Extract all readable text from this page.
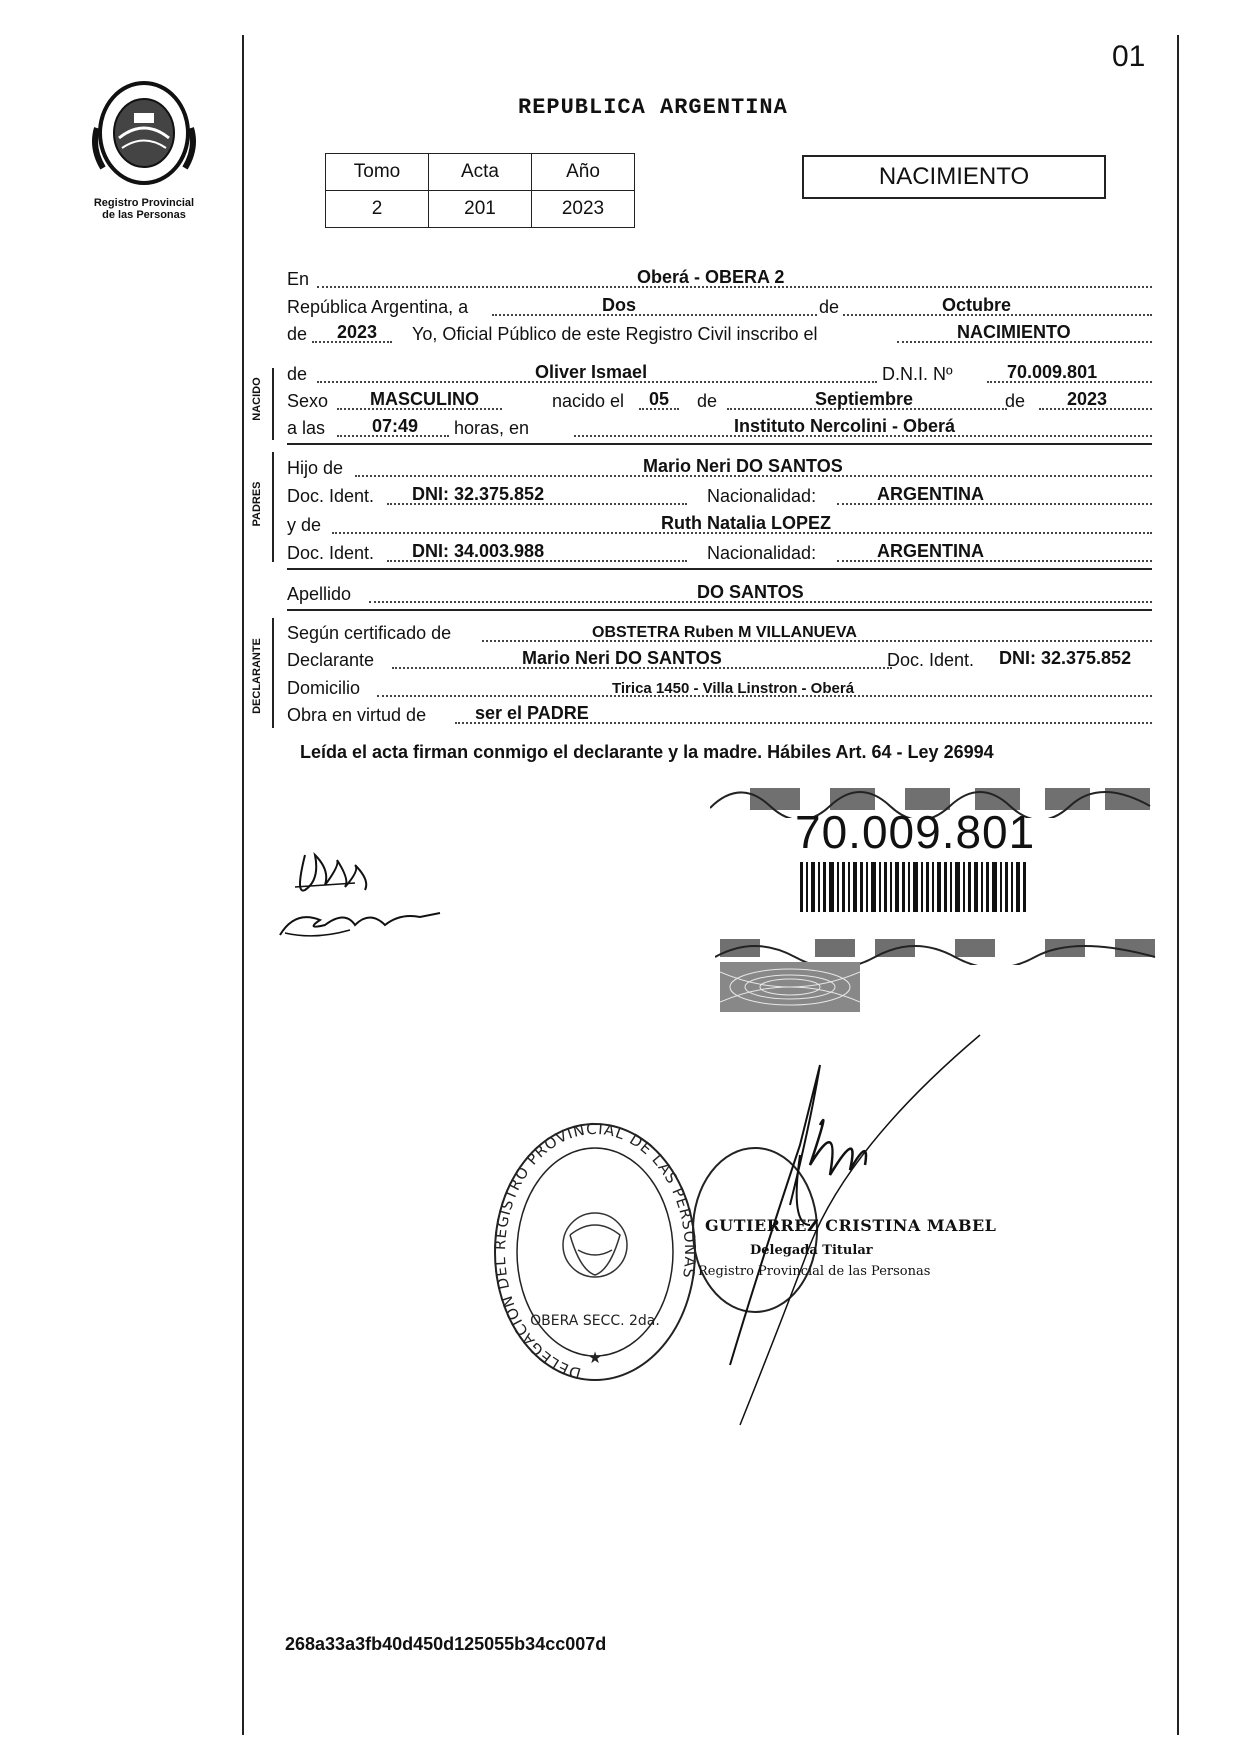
01
Registro Provincial
de las Personas
REPUBLICA ARGENTINA
Tomo	Acta	Año
2	201	2023
NACIMIENTO
En	Oberá - OBERA 2
República Argentina, a	Dos	de	Octubre
de 2023 Yo, Oficial Público de este Registro Civil inscribo el	NACIMIENTO
NACIDO
de	Oliver Ismael	D.N.I. Nº	70.009.801
Sexo MASCULINO	nacido el 05 de	Septiembre	de 2023
a las	07:49 horas, en	Instituto Nercolini - Oberá
PADRES
Hijo de	Mario Neri DO SANTOS
Doc. Ident. DNI: 32.375.852	Nacionalidad:	ARGENTINA
y de	Ruth Natalia LOPEZ
Doc. Ident. DNI: 34.003.988	Nacionalidad:	ARGENTINA
Apellido	DO SANTOS
DECLARANTE
Según certificado de	OBSTETRA Ruben M VILLANUEVA
Declarante	Mario Neri DO SANTOS	Doc. Ident. DNI: 32.375.852
Domicilio	Tirica 1450 - Villa Linstron - Oberá
Obra en virtud de	ser el PADRE
Leída el acta firman conmigo el declarante y la madre. Hábiles Art. 64 - Ley 26994
70.009.801
DELEGACION DEL REGISTRO PROVINCIAL DE LAS PERSONAS
OBERA SECC. 2da.
★
GUTIERREZ CRISTINA MABEL
Delegada Titular
Registro Provincial de las Personas
268a33a3fb40d450d125055b34cc007d
